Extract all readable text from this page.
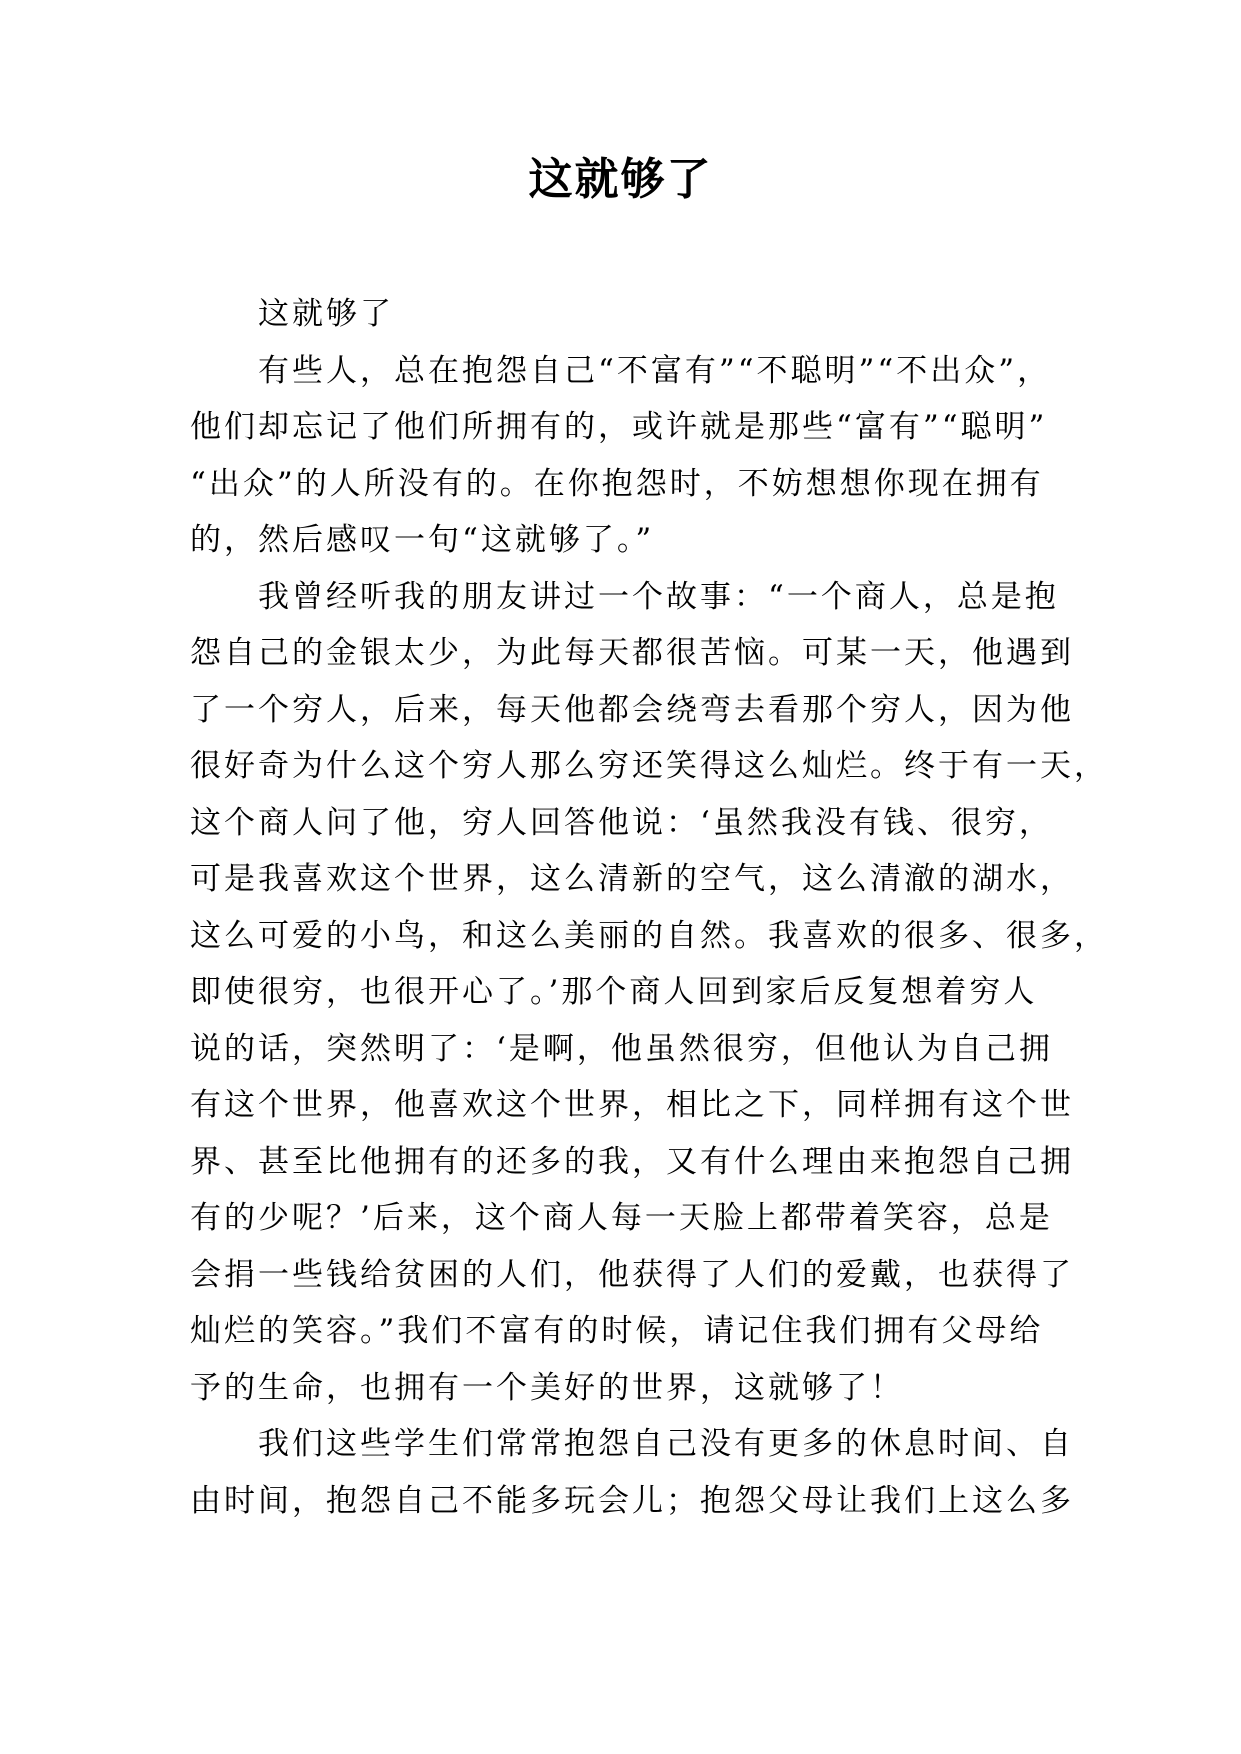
这就够了
这就够了
有些人，总在抱怨自己“不富有”“不聪明”“不出众”，
他们却忘记了他们所拥有的，或许就是那些“富有”“聪明”
“出众”的人所没有的。在你抱怨时，不妨想想你现在拥有
的，然后感叹一句“这就够了。”
我曾经听我的朋友讲过一个故事：“一个商人，总是抱
怨自己的金银太少，为此每天都很苦恼。可某一天，他遇到
了一个穷人，后来，每天他都会绕弯去看那个穷人，因为他
很好奇为什么这个穷人那么穷还笑得这么灿烂。终于有一天，
这个商人问了他，穷人回答他说：‘虽然我没有钱、很穷，
可是我喜欢这个世界，这么清新的空气，这么清澈的湖水，
这么可爱的小鸟，和这么美丽的自然。我喜欢的很多、很多，
即使很穷，也很开心了。’那个商人回到家后反复想着穷人
说的话，突然明了：‘是啊，他虽然很穷，但他认为自己拥
有这个世界，他喜欢这个世界，相比之下，同样拥有这个世
界、甚至比他拥有的还多的我，又有什么理由来抱怨自己拥
有的少呢？’后来，这个商人每一天脸上都带着笑容，总是
会捐一些钱给贫困的人们，他获得了人们的爱戴，也获得了
灿烂的笑容。”我们不富有的时候，请记住我们拥有父母给
予的生命，也拥有一个美好的世界，这就够了！
我们这些学生们常常抱怨自己没有更多的休息时间、自
由时间，抱怨自己不能多玩会儿；抱怨父母让我们上这么多
